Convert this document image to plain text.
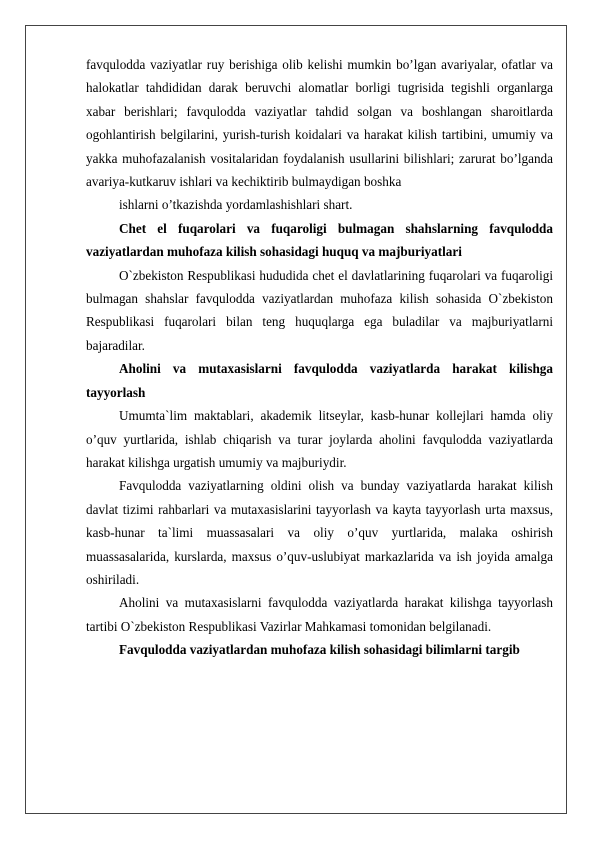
favqulodda vaziyatlar ruy berishiga olib kelishi mumkin bo’lgan avariyalar, ofatlar va halokatlar tahdididan darak beruvchi alomatlar borligi tugrisida tegishli organlarga xabar berishlari; favqulodda vaziyatlar tahdid solgan va boshlangan sharoitlarda ogohlantirish belgilarini, yurish-turish koidalari va harakat kilish tartibini, umumiy va yakka muhofazalanish vositalaridan foydalanish usullarini bilishlari; zarurat bo’lganda avariya-kutkaruv ishlari va kechiktirib bulmaydigan boshka

ishlarni o’tkazishda yordamlashishlari shart.

Chet el fuqarolari va fuqaroligi bulmagan shahslarning favqulodda vaziyatlardan muhofaza kilish sohasidagi huquq va majburiyatlari

O`zbekiston Respublikasi hududida chet el davlatlarining fuqarolari va fuqaroligi bulmagan shahslar favqulodda vaziyatlardan muhofaza kilish sohasida O`zbekiston Respublikasi fuqarolari bilan teng huquqlarga ega buladilar va majburiyatlarni bajaradilar.

Aholini va mutaxasislarni favqulodda vaziyatlarda harakat kilishga tayyorlash

Umumta`lim maktablari, akademik litseylar, kasb-hunar kollejlari hamda oliy o’quv yurtlarida, ishlab chiqarish va turar joylarda aholini favqulodda vaziyatlarda harakat kilishga urgatish umumiy va majburiydir.

Favqulodda vaziyatlarning oldini olish va bunday vaziyatlarda harakat kilish davlat tizimi rahbarlari va mutaxasislarini tayyorlash va kayta tayyorlash urta maxsus, kasb-hunar ta`limi muassasalari va oliy o’quv yurtlarida, malaka oshirish muassasalarida, kurslarda, maxsus o’quv-uslubiyat markazlarida va ish joyida amalga oshiriladi.

Aholini va mutaxasislarni favqulodda vaziyatlarda harakat kilishga tayyorlash tartibi O`zbekiston Respublikasi Vazirlar Mahkamasi tomonidan belgilanadi.

Favqulodda vaziyatlardan muhofaza kilish sohasidagi bilimlarni targib
